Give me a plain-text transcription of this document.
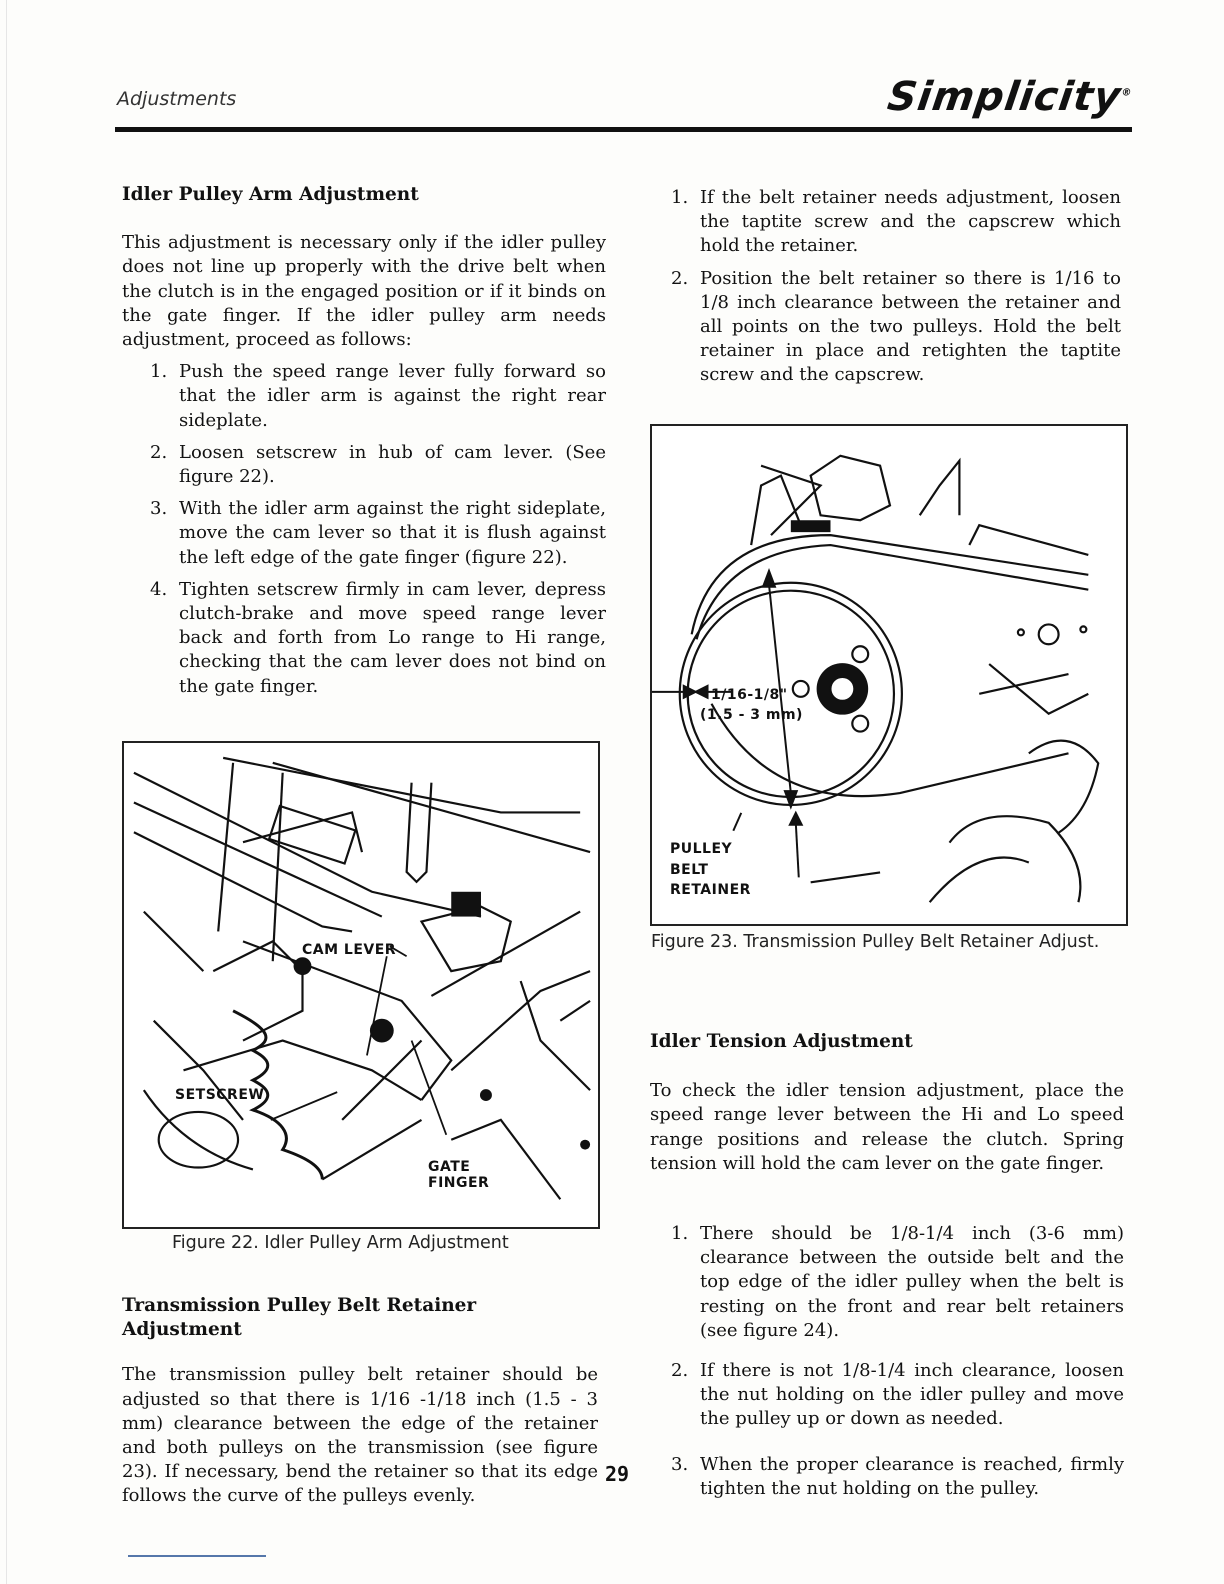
Adjustments	Simplicity®
Idler Pulley Arm Adjustment

This adjustment is necessary only if the idler pulley does not line up properly with the drive belt when the clutch is in the engaged position or if it binds on the gate finger. If the idler pulley arm needs adjustment, proceed as follows:

1. Push the speed range lever fully forward so that the idler arm is against the right rear sideplate.
2. Loosen setscrew in hub of cam lever. (See figure 22).
3. With the idler arm against the right sideplate, move the cam lever so that it is flush against the left edge of the gate finger (figure 22).
4. Tighten setscrew firmly in cam lever, depress clutch-brake and move speed range lever back and forth from Lo range to Hi range, checking that the cam lever does not bind on the gate finger.
CAM LEVER
SETSCREW
GATE
FINGER
Figure 22. Idler Pulley Arm Adjustment
Transmission Pulley Belt Retainer Adjustment

The transmission pulley belt retainer should be adjusted so that there is 1/16 -1/18 inch (1.5 - 3 mm) clearance between the edge of the retainer and both pulleys on the transmission (see figure 23). If necessary, bend the retainer so that its edge follows the curve of the pulleys evenly.

1. If the belt retainer needs adjustment, loosen the taptite screw and the capscrew which hold the retainer.
2. Position the belt retainer so there is 1/16 to 1/8 inch clearance between the retainer and all points on the two pulleys. Hold the belt retainer in place and retighten the taptite screw and the capscrew.
1/16-1/8"
(1.5 - 3 mm)
PULLEY
BELT
RETAINER
Figure 23. Transmission Pulley Belt Retainer Adjust.
Idler Tension Adjustment

To check the idler tension adjustment, place the speed range lever between the Hi and Lo speed range positions and release the clutch. Spring tension will hold the cam lever on the gate finger.

1. There should be 1/8-1/4 inch (3-6 mm) clearance between the outside belt and the top edge of the idler pulley when the belt is resting on the front and rear belt retainers (see figure 24).
2. If there is not 1/8-1/4 inch clearance, loosen the nut holding on the idler pulley and move the pulley up or down as needed.
3. When the proper clearance is reached, firmly tighten the nut holding on the pulley.
29
